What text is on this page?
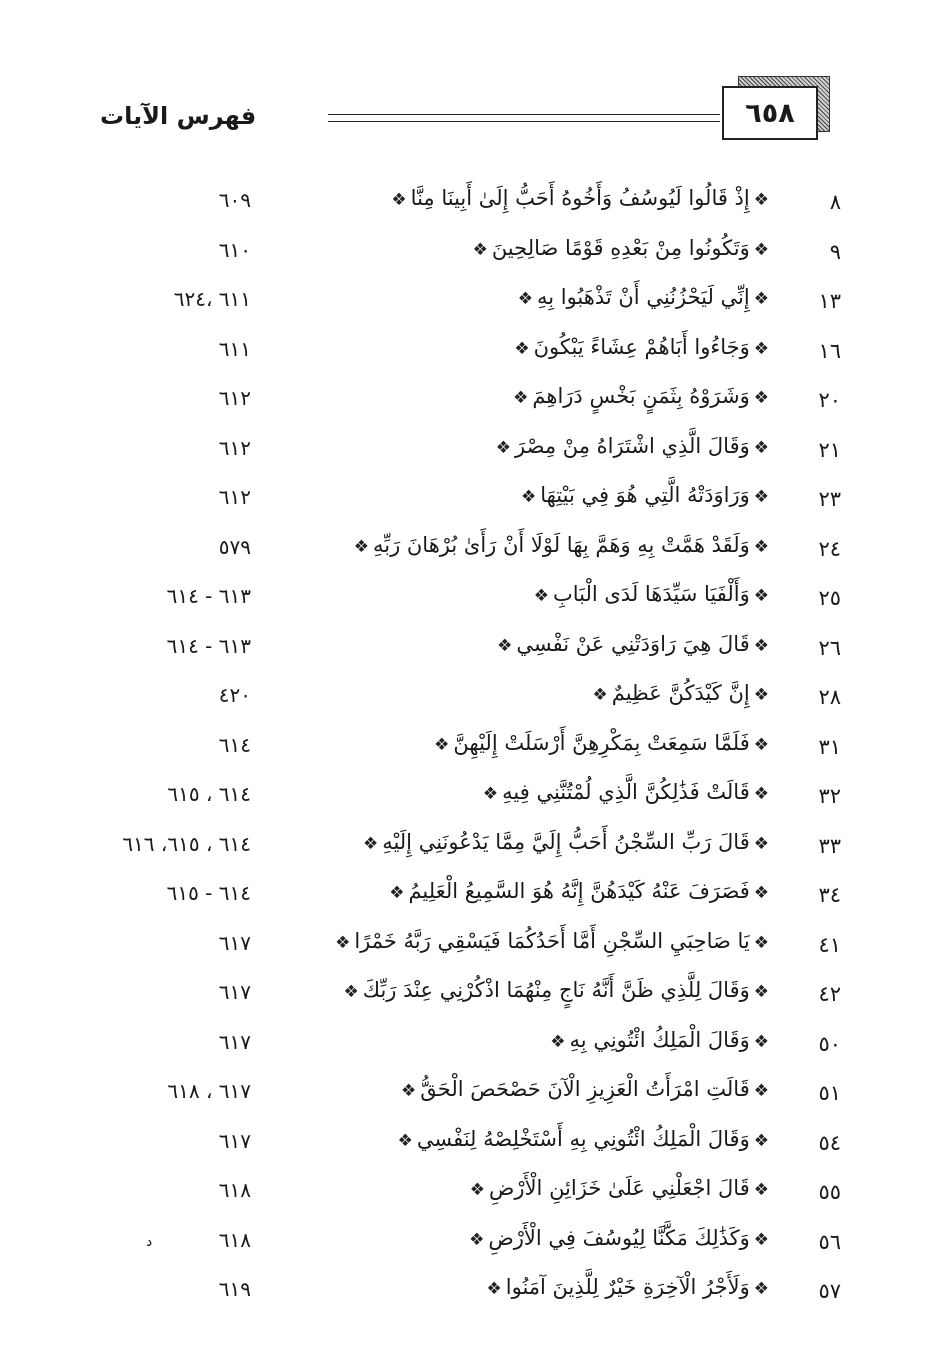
فهرس الآيات	٦٥٨
٨
❖إِذْ قَالُوا لَيُوسُفُ وَأَخُوهُ أَحَبُّ إِلَىٰ أَبِينَا مِنَّا❖
٦٠٩
٩
❖وَتَكُونُوا مِنْ بَعْدِهِ قَوْمًا صَالِحِينَ❖
٦١٠
١٣
❖إِنِّي لَيَحْزُنُنِي أَنْ تَذْهَبُوا بِهِ❖
٦١١ ،٦٢٤
١٦
❖وَجَاءُوا أَبَاهُمْ عِشَاءً يَبْكُونَ❖
٦١١
٢٠
❖وَشَرَوْهُ بِثَمَنٍ بَخْسٍ دَرَاهِمَ❖
٦١٢
٢١
❖وَقَالَ الَّذِي اشْتَرَاهُ مِنْ مِصْرَ❖
٦١٢
٢٣
❖وَرَاوَدَتْهُ الَّتِي هُوَ فِي بَيْتِهَا❖
٦١٢
٢٤
❖وَلَقَدْ هَمَّتْ بِهِ وَهَمَّ بِهَا لَوْلَا أَنْ رَأَىٰ بُرْهَانَ رَبِّهِ❖
٥٧٩
٢٥
❖وَأَلْفَيَا سَيِّدَهَا لَدَى الْبَابِ❖
٦١٣ - ٦١٤
٢٦
❖قَالَ هِيَ رَاوَدَتْنِي عَنْ نَفْسِي❖
٦١٣ - ٦١٤
٢٨
❖إِنَّ كَيْدَكُنَّ عَظِيمٌ❖
٤٢٠
٣١
❖فَلَمَّا سَمِعَتْ بِمَكْرِهِنَّ أَرْسَلَتْ إِلَيْهِنَّ❖
٦١٤
٣٢
❖قَالَتْ فَذَٰلِكُنَّ الَّذِي لُمْتُنَّنِي فِيهِ❖
٦١٤ ، ٦١٥
٣٣
❖قَالَ رَبِّ السِّجْنُ أَحَبُّ إِلَيَّ مِمَّا يَدْعُونَنِي إِلَيْهِ❖
٦١٤ ، ٦١٥، ٦١٦
٣٤
❖فَصَرَفَ عَنْهُ كَيْدَهُنَّ إِنَّهُ هُوَ السَّمِيعُ الْعَلِيمُ❖
٦١٤ - ٦١٥
٤١
❖يَا صَاحِبَيِ السِّجْنِ أَمَّا أَحَدُكُمَا فَيَسْقِي رَبَّهُ خَمْرًا❖
٦١٧
٤٢
❖وَقَالَ لِلَّذِي ظَنَّ أَنَّهُ نَاجٍ مِنْهُمَا اذْكُرْنِي عِنْدَ رَبِّكَ❖
٦١٧
٥٠
❖وَقَالَ الْمَلِكُ ائْتُونِي بِهِ❖
٦١٧
٥١
❖قَالَتِ امْرَأَتُ الْعَزِيزِ الْآنَ حَصْحَصَ الْحَقُّ❖
٦١٧ ، ٦١٨
٥٤
❖وَقَالَ الْمَلِكُ ائْتُونِي بِهِ أَسْتَخْلِصْهُ لِنَفْسِي❖
٦١٧
٥٥
❖قَالَ اجْعَلْنِي عَلَىٰ خَزَائِنِ الْأَرْضِ❖
٦١٨
٥٦
❖وَكَذَٰلِكَ مَكَّنَّا لِيُوسُفَ فِي الْأَرْضِ❖
٦١٨
د
٥٧
❖وَلَأَجْرُ الْآخِرَةِ خَيْرٌ لِلَّذِينَ آمَنُوا❖
٦١٩
